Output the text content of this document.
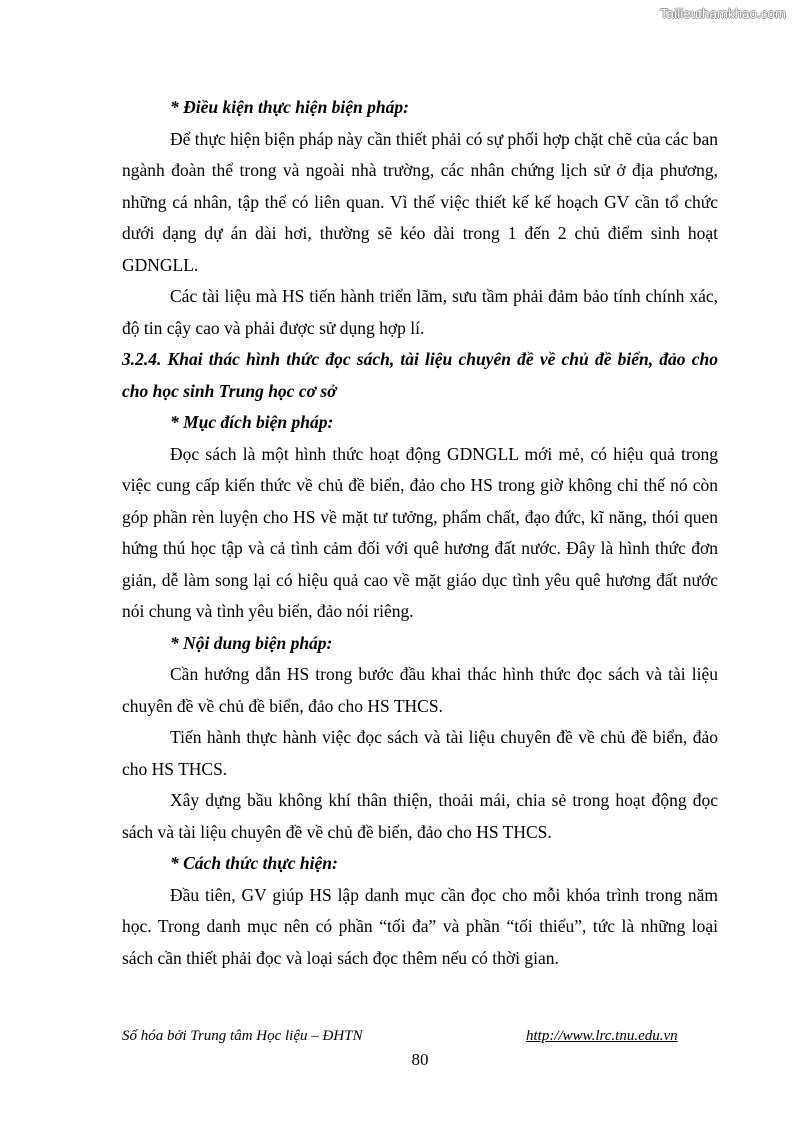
Tailieuthamkhao.com

* Điều kiện thực hiện biện pháp:

Để thực hiện biện pháp này cần thiết phải có sự phối hợp chặt chẽ của các ban ngành đoàn thể trong và ngoài nhà trường, các nhân chứng lịch sử ở địa phương, những cá nhân, tập thể có liên quan. Vì thế việc thiết kế kế hoạch GV cần tổ chức dưới dạng dự án dài hơi, thường sẽ kéo dài trong 1 đến 2 chủ điểm sinh hoạt GDNGLL.

Các tài liệu mà HS tiến hành triển lãm, sưu tầm phải đảm bảo tính chính xác, độ tin cậy cao và phải được sử dụng hợp lí.

3.2.4. Khai thác hình thức đọc sách, tài liệu chuyên đề về chủ đề biển, đảo cho cho học sinh Trung học cơ sở

* Mục đích biện pháp:

Đọc sách là một hình thức hoạt động GDNGLL mới mẻ, có hiệu quả trong việc cung cấp kiến thức về chủ đề biển, đảo cho HS trong giờ không chỉ thế nó còn góp phần rèn luyện cho HS về mặt tư tưởng, phẩm chất, đạo đức, kĩ năng, thói quen hứng thú học tập và cả tình cảm đối với quê hương đất nước. Đây là hình thức đơn giản, dễ làm song lại có hiệu quả cao về mặt giáo dục tình yêu quê hương đất nước nói chung và tình yêu biển, đảo nói riêng.

* Nội dung biện pháp:

Cần hướng dẫn HS trong bước đầu khai thác hình thức đọc sách và tài liệu chuyên đề về chủ đề biển, đảo cho HS THCS.

Tiến hành thực hành việc đọc sách và tài liệu chuyên đề về chủ đề biển, đảo cho HS THCS.

Xây dựng bầu không khí thân thiện, thoải mái, chia sẻ trong hoạt động đọc sách và tài liệu chuyên đề về chủ đề biển, đảo cho HS THCS.

* Cách thức thực hiện:

Đầu tiên, GV giúp HS lập danh mục cần đọc cho mỗi khóa trình trong năm học. Trong danh mục nên có phần “tối đa” và phần “tối thiểu”, tức là những loại sách cần thiết phải đọc và loại sách đọc thêm nếu có thời gian.

Số hóa bởi Trung tâm Học liệu – ĐHTN	http://www.lrc.tnu.edu.vn
80
